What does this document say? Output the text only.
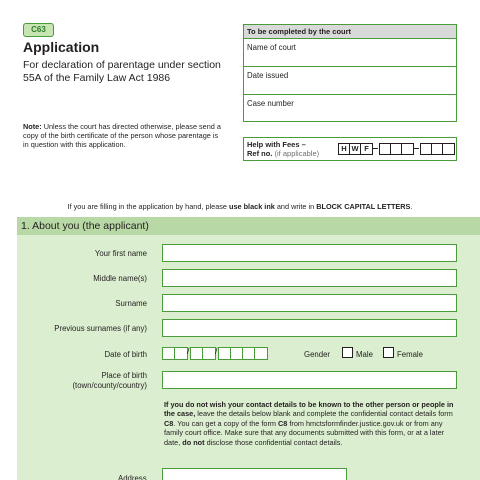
C63
Application
For declaration of parentage under section 55A of the Family Law Act 1986
Note: Unless the court has directed otherwise, please send a copy of the birth certificate of the person whose parentage is in question with this application.
To be completed by the court
Name of court
Date issued
Case number
Help with Fees –
Ref no. (if applicable)
H W F
If you are filling in the application by hand, please use black ink and write in BLOCK CAPITAL LETTERS.
1. About you (the applicant)
Your first name
Middle name(s)
Surname
Previous surnames (if any)
Date of birth	/	/	Gender	Male	Female
Place of birth
(town/county/country)
If you do not wish your contact details to be known to the other person or people in the case, leave the details below blank and complete the confidential contact details form C8. You can get a copy of the form C8 from hmctsformfinder.justice.gov.uk or from any family court office. Make sure that any documents submitted with this form, or at a later date, do not disclose those confidential contact details.
Address
